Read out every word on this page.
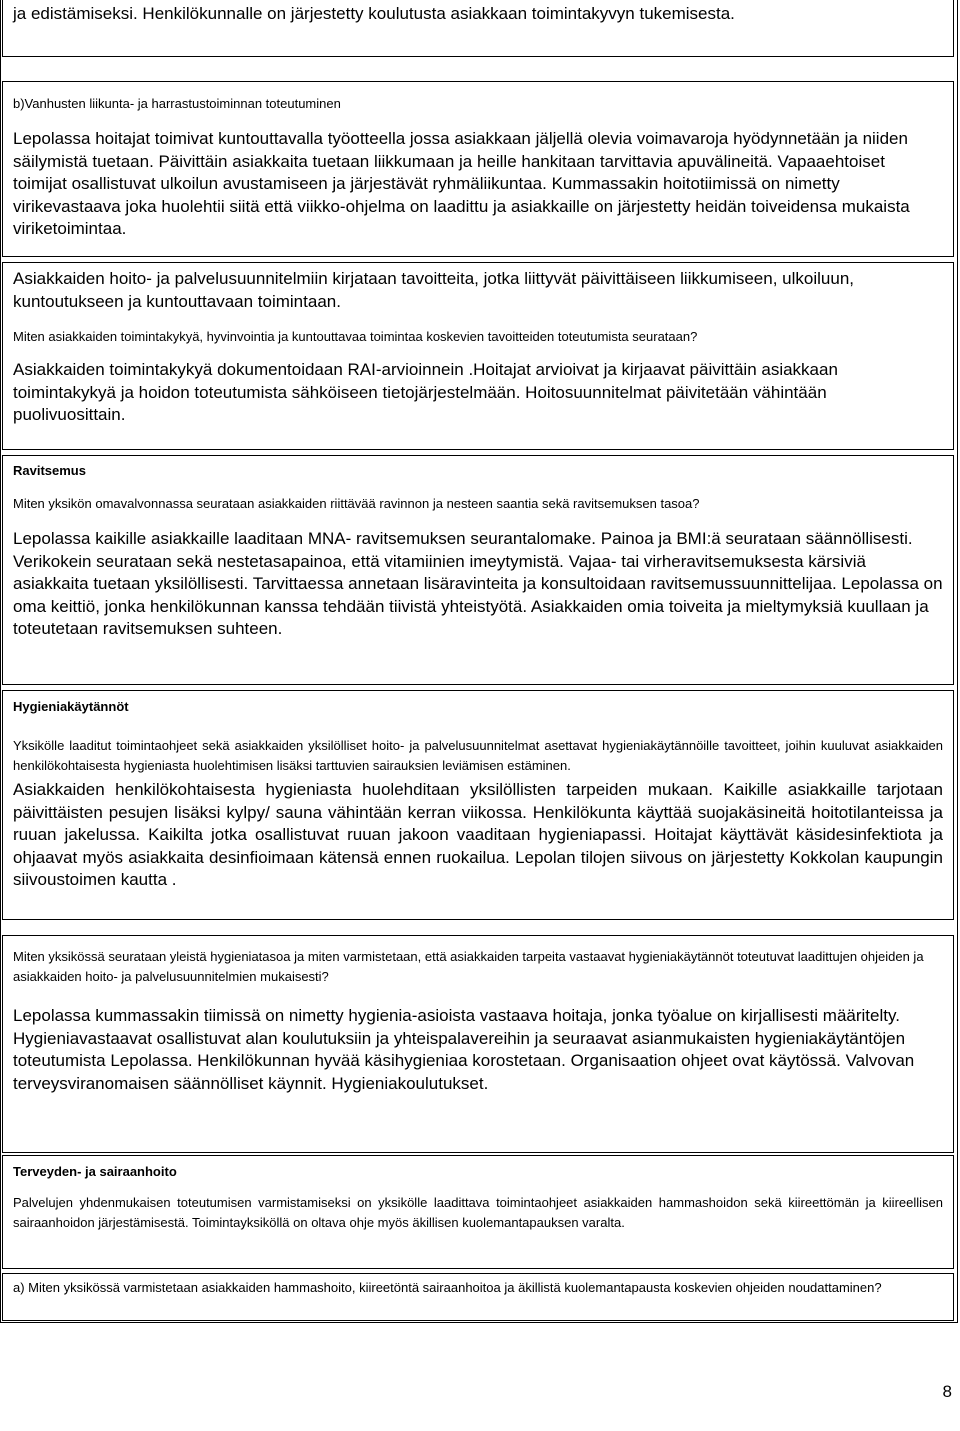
ja edistämiseksi. Henkilökunnalle on järjestetty koulutusta asiakkaan toimintakyvyn tukemisesta.

b)Vanhusten liikunta- ja harrastustoiminnan toteutuminen

Lepolassa hoitajat toimivat kuntouttavalla työotteella jossa asiakkaan jäljellä olevia voimavaroja hyödynnetään ja niiden säilymistä tuetaan. Päivittäin asiakkaita tuetaan liikkumaan ja heille hankitaan tarvittavia apuvälineitä. Vapaaehtoiset toimijat osallistuvat ulkoilun avustamiseen ja järjestävät ryhmäliikuntaa. Kummassakin hoitotiimissä on nimetty virikevastaava joka huolehtii siitä että viikko-ohjelma on laadittu ja asiakkaille on järjestetty heidän toiveidensa mukaista viriketoimintaa.

Asiakkaiden hoito- ja palvelusuunnitelmiin kirjataan tavoitteita, jotka liittyvät päivittäiseen liikkumiseen, ulkoiluun, kuntoutukseen ja kuntouttavaan toimintaan.

Miten asiakkaiden toimintakykyä, hyvinvointia ja kuntouttavaa toimintaa koskevien tavoitteiden toteutumista seurataan?

Asiakkaiden toimintakykyä dokumentoidaan RAI-arvioinnein .Hoitajat arvioivat ja kirjaavat päivittäin asiakkaan toimintakykyä ja hoidon toteutumista sähköiseen tietojärjestelmään. Hoitosuunnitelmat päivitetään vähintään puolivuosittain.

Ravitsemus

Miten yksikön omavalvonnassa seurataan asiakkaiden riittävää ravinnon ja nesteen saantia sekä ravitsemuksen tasoa?

Lepolassa kaikille asiakkaille laaditaan MNA- ravitsemuksen seurantalomake. Painoa ja BMI:ä seurataan säännöllisesti. Verikokein seurataan sekä nestetasapainoa, että vitamiinien imeytymistä. Vajaa- tai virheravitsemuksesta kärsiviä asiakkaita tuetaan yksilöllisesti. Tarvittaessa annetaan lisäravinteita ja konsultoidaan ravitsemussuunnittelijaa. Lepolassa on oma keittiö, jonka henkilökunnan kanssa tehdään tiivistä yhteistyötä. Asiakkaiden omia toiveita ja mieltymyksiä kuullaan ja toteutetaan ravitsemuksen suhteen.

Hygieniakäytännöt

Yksikölle laaditut toimintaohjeet sekä asiakkaiden yksilölliset hoito- ja palvelusuunnitelmat asettavat hygieniakäytännöille tavoitteet, joihin kuuluvat asiakkaiden henkilökohtaisesta hygieniasta huolehtimisen lisäksi tarttuvien sairauksien leviämisen estäminen.

Asiakkaiden henkilökohtaisesta hygieniasta huolehditaan yksilöllisten tarpeiden mukaan. Kaikille asiakkaille tarjotaan päivittäisten pesujen lisäksi kylpy/ sauna vähintään kerran viikossa. Henkilökunta käyttää suojakäsineitä hoitotilanteissa ja ruuan jakelussa. Kaikilta jotka osallistuvat ruuan jakoon vaaditaan hygieniapassi. Hoitajat käyttävät käsidesinfektiota ja ohjaavat myös asiakkaita desinfioimaan kätensä ennen ruokailua. Lepolan tilojen siivous on järjestetty Kokkolan kaupungin siivoustoimen kautta .

Miten yksikössä seurataan yleistä hygieniatasoa ja miten varmistetaan, että asiakkaiden tarpeita vastaavat hygieniakäytännöt toteutuvat laadittujen ohjeiden ja asiakkaiden hoito- ja palvelusuunnitelmien mukaisesti?

Lepolassa kummassakin tiimissä on nimetty hygienia-asioista vastaava hoitaja, jonka työalue on kirjallisesti määritelty. Hygieniavastaavat osallistuvat alan koulutuksiin ja yhteispalavereihin ja seuraavat asianmukaisten hygieniakäytäntöjen toteutumista Lepolassa. Henkilökunnan hyvää käsihygieniaa korostetaan. Organisaation ohjeet ovat käytössä. Valvovan terveysviranomaisen säännölliset käynnit. Hygieniakoulutukset.

Terveyden- ja sairaanhoito

Palvelujen yhdenmukaisen toteutumisen varmistamiseksi on yksikölle laadittava toimintaohjeet asiakkaiden hammashoidon sekä kiireettömän ja kiireellisen sairaanhoidon järjestämisestä. Toimintayksiköllä on oltava ohje myös äkillisen kuolemantapauksen varalta.

a) Miten yksikössä varmistetaan asiakkaiden hammashoito, kiireetöntä sairaanhoitoa ja äkillistä kuolemantapausta koskevien ohjeiden noudattaminen?

8
